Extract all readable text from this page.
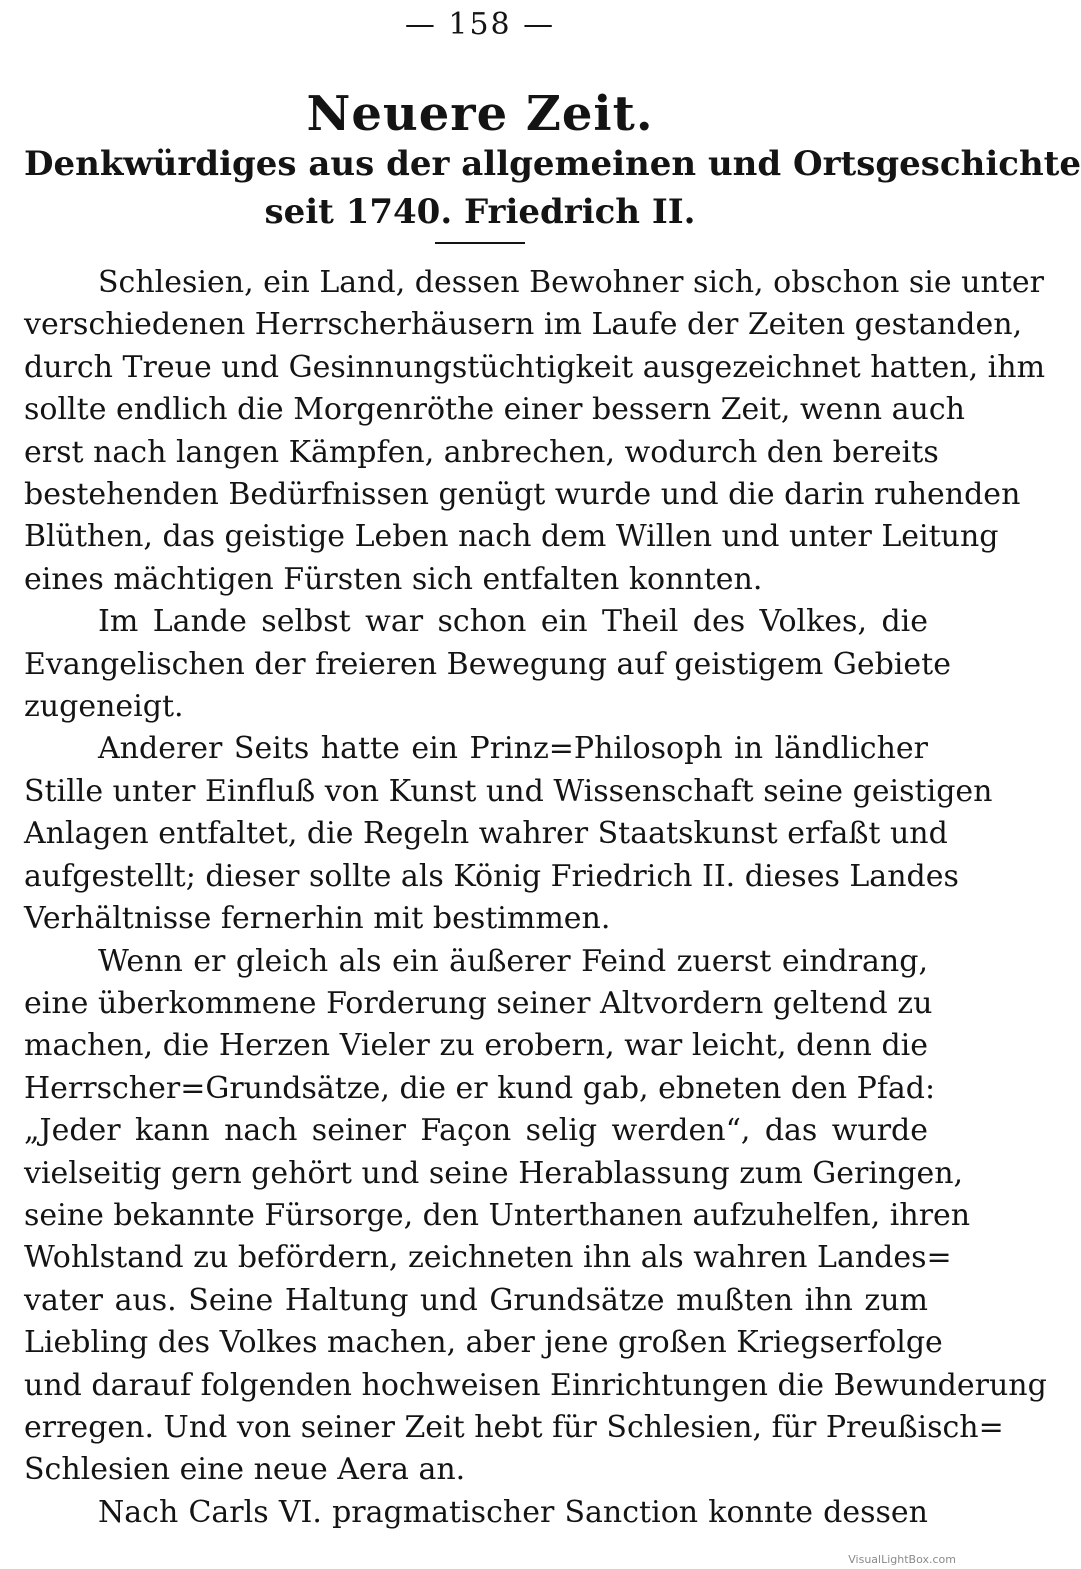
— 158 —
Neuere Zeit.
Denkwürdiges aus der allgemeinen und Ortsgeschichte
seit 1740. Friedrich II.
Schlesien, ein Land, dessen Bewohner sich, obschon sie unter
verschiedenen Herrscherhäusern im Laufe der Zeiten gestanden,
durch Treue und Gesinnungstüchtigkeit ausgezeichnet hatten, ihm
sollte endlich die Morgenröthe einer bessern Zeit, wenn auch
erst nach langen Kämpfen, anbrechen, wodurch den bereits
bestehenden Bedürfnissen genügt wurde und die darin ruhenden
Blüthen, das geistige Leben nach dem Willen und unter Leitung
eines mächtigen Fürsten sich entfalten konnten.
Im Lande selbst war schon ein Theil des Volkes, die
Evangelischen der freieren Bewegung auf geistigem Gebiete
zugeneigt.
Anderer Seits hatte ein Prinz=Philosoph in ländlicher
Stille unter Einfluß von Kunst und Wissenschaft seine geistigen
Anlagen entfaltet, die Regeln wahrer Staatskunst erfaßt und
aufgestellt; dieser sollte als König Friedrich II. dieses Landes
Verhältnisse fernerhin mit bestimmen.
Wenn er gleich als ein äußerer Feind zuerst eindrang,
eine überkommene Forderung seiner Altvordern geltend zu
machen, die Herzen Vieler zu erobern, war leicht, denn die
Herrscher=Grundsätze, die er kund gab, ebneten den Pfad:
„Jeder kann nach seiner Façon selig werden“, das wurde
vielseitig gern gehört und seine Herablassung zum Geringen,
seine bekannte Fürsorge, den Unterthanen aufzuhelfen, ihren
Wohlstand zu befördern, zeichneten ihn als wahren Landes=
vater aus. Seine Haltung und Grundsätze mußten ihn zum
Liebling des Volkes machen, aber jene großen Kriegserfolge
und darauf folgenden hochweisen Einrichtungen die Bewunderung
erregen. Und von seiner Zeit hebt für Schlesien, für Preußisch=
Schlesien eine neue Aera an.
Nach Carls VI. pragmatischer Sanction konnte dessen
VisualLightBox.com
